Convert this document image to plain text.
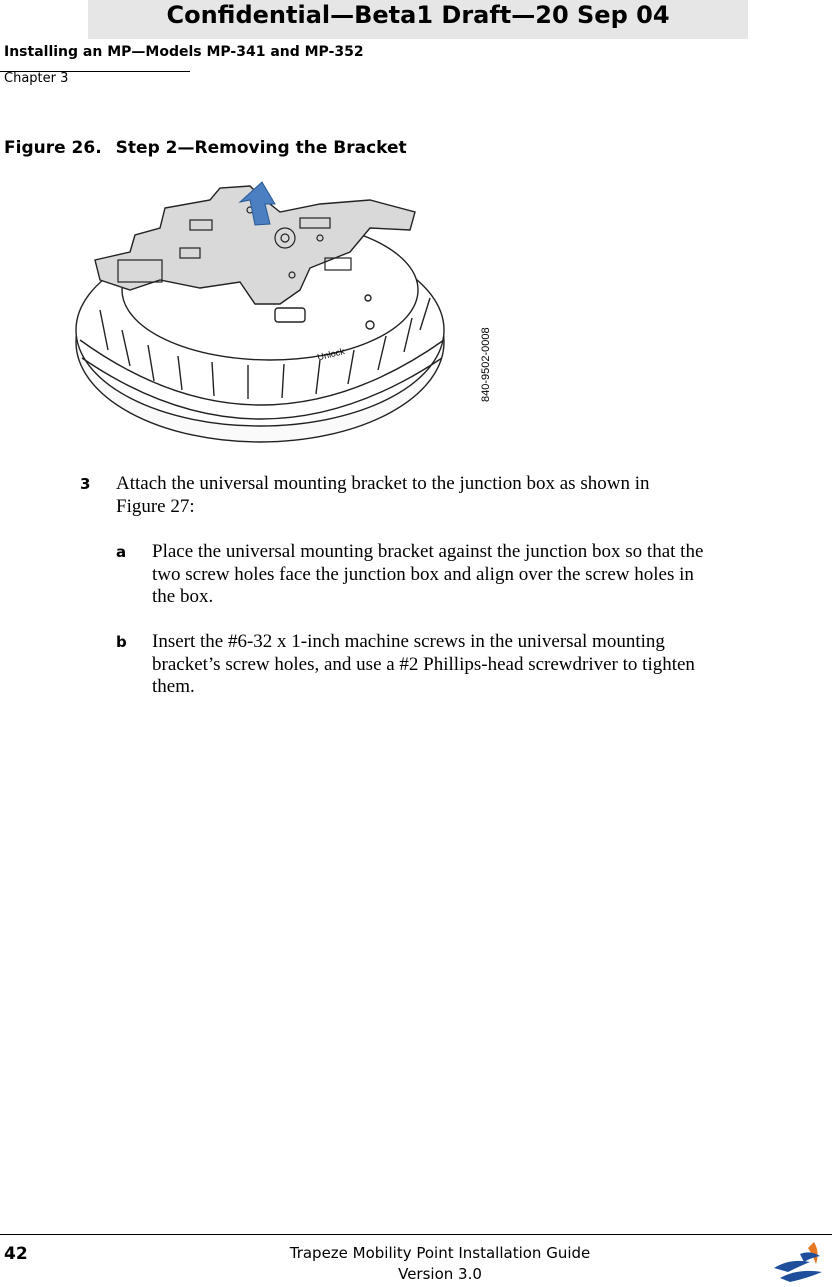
Confidential—Beta1 Draft—20 Sep 04
Installing an MP—Models MP-341 and MP-352
Chapter 3
Figure 26. Step 2—Removing the Bracket
Unlock	840-9502-0008
3 Attach the universal mounting bracket to the junction box as shown in
Figure 27:
a Place the universal mounting bracket against the junction box so that the
two screw holes face the junction box and align over the screw holes in
the box.
b Insert the #6-32 x 1-inch machine screws in the universal mounting
bracket’s screw holes, and use a #2 Phillips-head screwdriver to tighten
them.
42	Trapeze Mobility Point Installation Guide
Version 3.0
